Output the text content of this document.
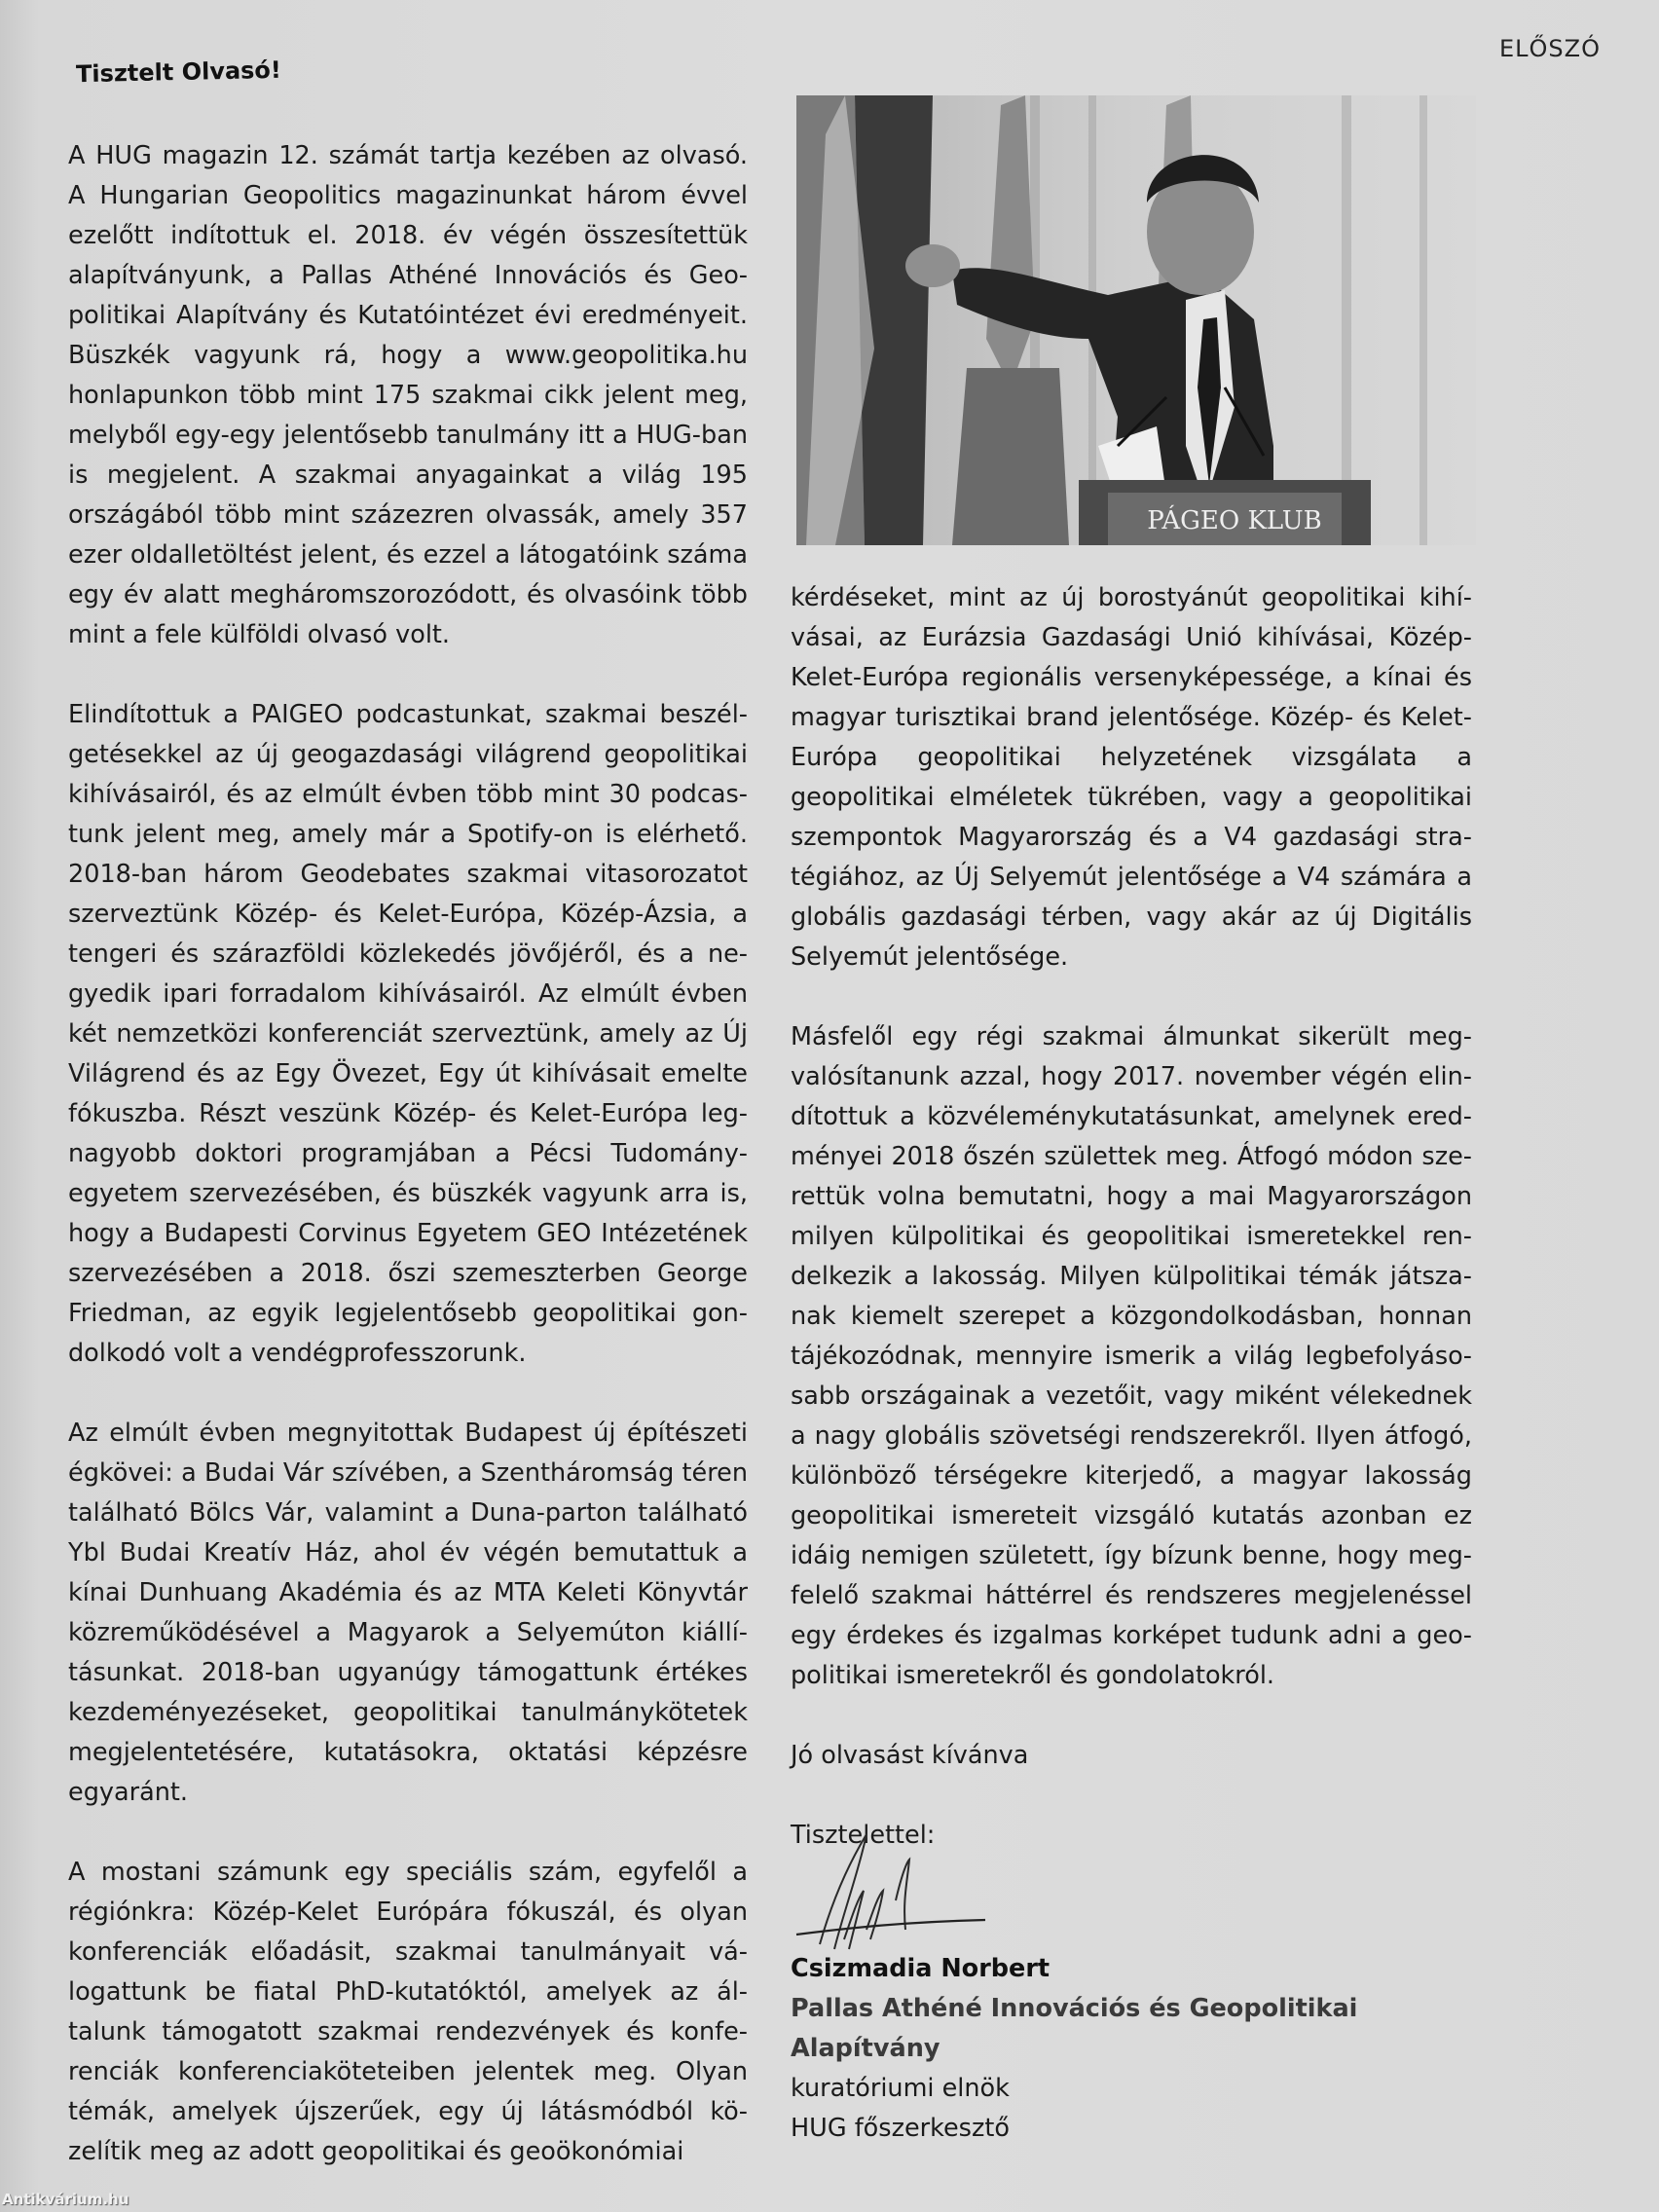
ELŐSZÓ
Tisztelt Olvasó!

A HUG magazin 12. számát tartja kezében az olvasó. A Hungarian Geopolitics magazinunkat három évvel ezelőtt indítottuk el. 2018. év végén összesítettük alapítványunk, a Pallas Athéné Innovációs és Geopolitikai Alapítvány és Kutatóintézet évi eredményeit. Büszkék vagyunk rá, hogy a www.geopolitika.hu honlapunkon több mint 175 szakmai cikk jelent meg, melyből egy-egy jelentősebb tanulmány itt a HUG-ban is megjelent. A szakmai anyagainkat a világ 195 országából több mint százezren olvassák, amely 357 ezer oldalletöltést jelent, és ezzel a látogatóink száma egy év alatt megháromszorozódott, és olvasóink több mint a fele külföldi olvasó volt.

Elindítottuk a PAIGEO podcastunkat, szakmai beszélgetésekkel az új geogazdasági világrend geopolitikai kihívásairól, és az elmúlt évben több mint 30 podcastunk jelent meg, amely már a Spotify-on is elérhető. 2018-ban három Geodebates szakmai vitasorozatot szerveztünk Közép- és Kelet-Európa, Közép-Ázsia, a tengeri és szárazföldi közlekedés jövőjéről, és a negyedik ipari forradalom kihívásairól. Az elmúlt évben két nemzetközi konferenciát szerveztünk, amely az Új Világrend és az Egy Övezet, Egy út kihívásait emelte fókuszba. Részt veszünk Közép- és Kelet-Európa legnagyobb doktori programjában a Pécsi Tudományegyetem szervezésében, és büszkék vagyunk arra is, hogy a Budapesti Corvinus Egyetem GEO Intézetének szervezésében a 2018. őszi szemeszterben George Friedman, az egyik legjelentősebb geopolitikai gondolkodó volt a vendégprofesszorunk.

Az elmúlt évben megnyitottak Budapest új építészeti égkövei: a Budai Vár szívében, a Szentháromság téren található Bölcs Vár, valamint a Duna-parton található Ybl Budai Kreatív Ház, ahol év végén bemutattuk a kínai Dunhuang Akadémia és az MTA Keleti Könyvtár közreműködésével a Magyarok a Selyemúton kiállításunkat. 2018-ban ugyanúgy támogattunk értékes kezdeményezéseket, geopolitikai tanulmánykötetek megjelentetésére, kutatásokra, oktatási képzésre egyaránt.

A mostani számunk egy speciális szám, egyfelől a régiónkra: Közép-Kelet Európára fókuszál, és olyan konferenciák előadásit, szakmai tanulmányait válogattunk be fiatal PhD-kutatóktól, amelyek az általunk támogatott szakmai rendezvények és konferenciák konferenciaköteteiben jelentek meg. Olyan témák, amelyek újszerűek, egy új látásmódból közelítik meg az adott geopolitikai és geoökonómiai

PÁGEO KLUB

kérdéseket, mint az új borostyánút geopolitikai kihívásai, az Eurázsia Gazdasági Unió kihívásai, Közép-Kelet-Európa regionális versenyképessége, a kínai és magyar turisztikai brand jelentősége. Közép- és Kelet-Európa geopolitikai helyzetének vizsgálata a geopolitikai elméletek tükrében, vagy a geopolitikai szempontok Magyarország és a V4 gazdasági stratégiához, az Új Selyemút jelentősége a V4 számára a globális gazdasági térben, vagy akár az új Digitális Selyemút jelentősége.

Másfelől egy régi szakmai álmunkat sikerült megvalósítanunk azzal, hogy 2017. november végén elindítottuk a közvéleménykutatásunkat, amelynek eredményei 2018 őszén születtek meg. Átfogó módon szerettük volna bemutatni, hogy a mai Magyarországon milyen külpolitikai és geopolitikai ismeretekkel rendelkezik a lakosság. Milyen külpolitikai témák játszanak kiemelt szerepet a közgondolkodásban, honnan tájékozódnak, mennyire ismerik a világ legbefolyásosabb országainak a vezetőit, vagy miként vélekednek a nagy globális szövetségi rendszerekről. Ilyen átfogó, különböző térségekre kiterjedő, a magyar lakosság geopolitikai ismereteit vizsgáló kutatás azonban ez idáig nemigen született, így bízunk benne, hogy megfelelő szakmai háttérrel és rendszeres megjelenéssel egy érdekes és izgalmas korképet tudunk adni a geopolitikai ismeretekről és gondolatokról.

Jó olvasást kívánva

Tisztelettel:

Csizmadia Norbert

Pallas Athéné Innovációs és Geopolitikai Alapítvány

kuratóriumi elnök

HUG főszerkesztő

Antikvárium.hu
